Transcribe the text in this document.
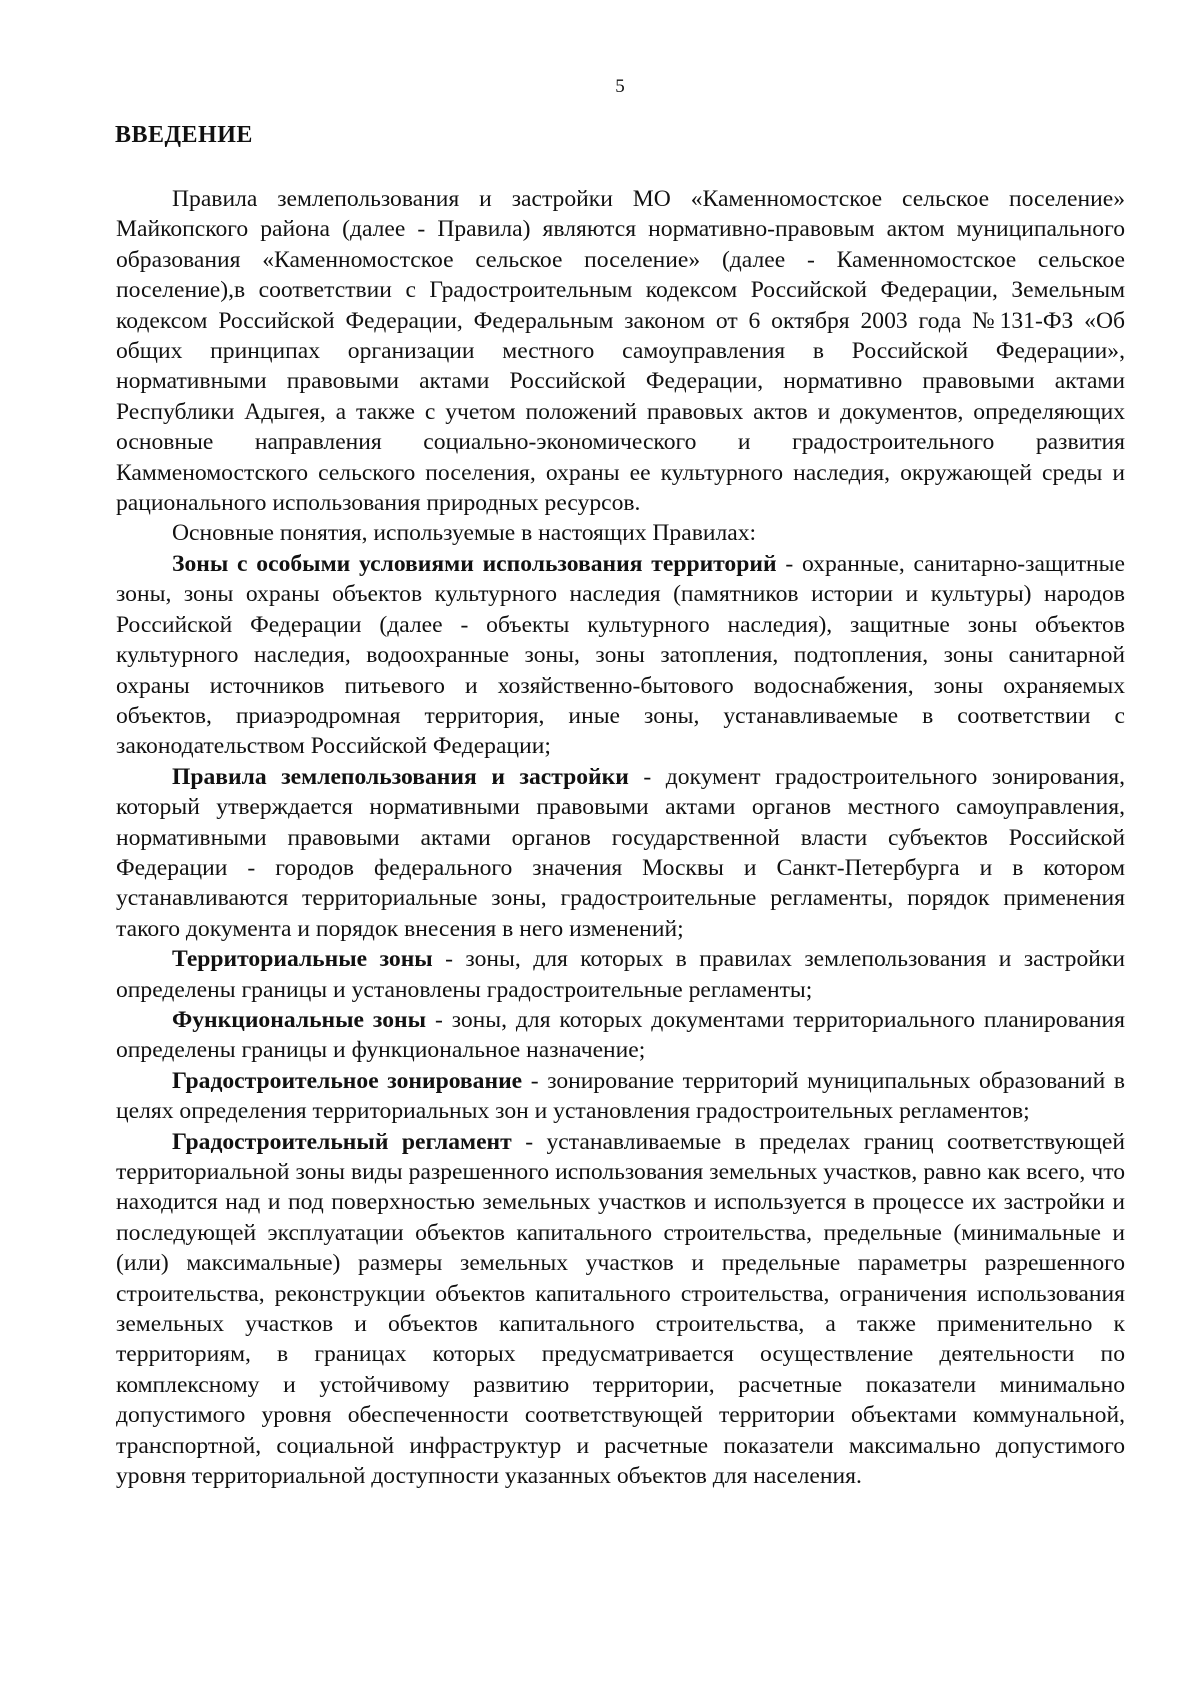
5
ВВЕДЕНИЕ

Правила землепользования и застройки МО «Каменномостское сельское поселение» Майкопского района (далее - Правила) являются нормативно-правовым актом муниципального образования «Каменномостское сельское поселение» (далее - Каменномостское сельское поселение),в соответствии с Градостроительным кодексом Российской Федерации, Земельным кодексом Российской Федерации, Федеральным законом от 6 октября 2003 года №131-ФЗ «Об общих принципах организации местного самоуправления в Российской Федерации», нормативными правовыми актами Российской Федерации, нормативно правовыми актами Республики Адыгея, а также с учетом положений правовых актов и документов, определяющих основные направления социально-экономического и градостроительного развития Камменомостского сельского поселения, охраны ее культурного наследия, окружающей среды и рационального использования природных ресурсов.

Основные понятия, используемые в настоящих Правилах:

Зоны с особыми условиями использования территорий - охранные, санитарно-защитные зоны, зоны охраны объектов культурного наследия (памятников истории и культуры) народов Российской Федерации (далее - объекты культурного наследия), защитные зоны объектов культурного наследия, водоохранные зоны, зоны затопления, подтопления, зоны санитарной охраны источников питьевого и хозяйственно-бытового водоснабжения, зоны охраняемых объектов, приаэродромная территория, иные зоны, устанавливаемые в соответствии с законодательством Российской Федерации;

Правила землепользования и застройки - документ градостроительного зонирования, который утверждается нормативными правовыми актами органов местного самоуправления, нормативными правовыми актами органов государственной власти субъектов Российской Федерации - городов федерального значения Москвы и Санкт-Петербурга и в котором устанавливаются территориальные зоны, градостроительные регламенты, порядок применения такого документа и порядок внесения в него изменений;

Территориальные зоны - зоны, для которых в правилах землепользования и застройки определены границы и установлены градостроительные регламенты;

Функциональные зоны - зоны, для которых документами территориального планирования определены границы и функциональное назначение;

Градостроительное зонирование - зонирование территорий муниципальных образований в целях определения территориальных зон и установления градостроительных регламентов;

Градостроительный регламент - устанавливаемые в пределах границ соответствующей территориальной зоны виды разрешенного использования земельных участков, равно как всего, что находится над и под поверхностью земельных участков и используется в процессе их застройки и последующей эксплуатации объектов капитального строительства, предельные (минимальные и (или) максимальные) размеры земельных участков и предельные параметры разрешенного строительства, реконструкции объектов капитального строительства, ограничения использования земельных участков и объектов капитального строительства, а также применительно к территориям, в границах которых предусматривается осуществление деятельности по комплексному и устойчивому развитию территории, расчетные показатели минимально допустимого уровня обеспеченности соответствующей территории объектами коммунальной, транспортной, социальной инфраструктур и расчетные показатели максимально допустимого уровня территориальной доступности указанных объектов для населения.
